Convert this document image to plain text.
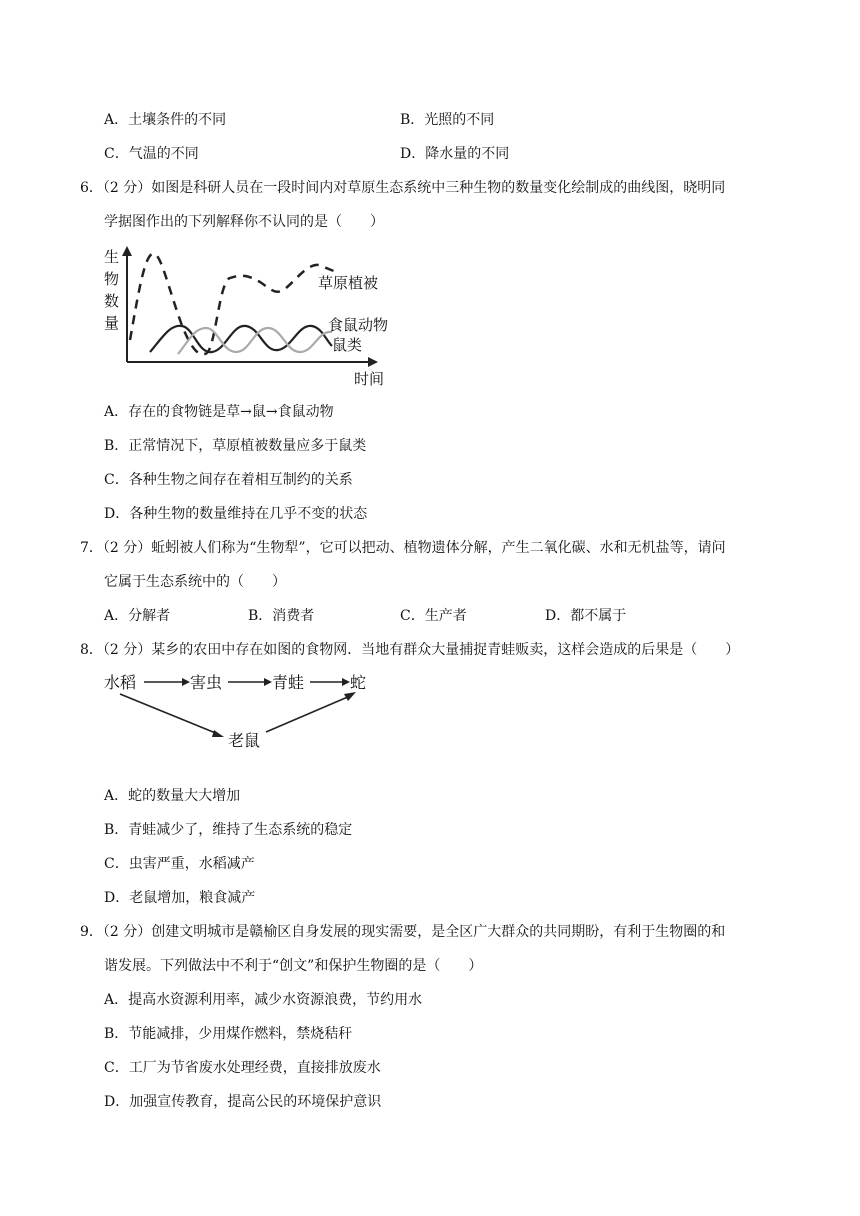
A．土壤条件的不同	B．光照的不同
C．气温的不同	D．降水量的不同
6．（2 分）如图是科研人员在一段时间内对草原生态系统中三种生物的数量变化绘制成的曲线图，晓明同
学据图作出的下列解释你不认同的是（　　）
生
物
数
量
时间
草原植被
食鼠动物
鼠类
A．存在的食物链是草→鼠→食鼠动物
B．正常情况下，草原植被数量应多于鼠类
C．各种生物之间存在着相互制约的关系
D．各种生物的数量维持在几乎不变的状态
7．（2 分）蚯蚓被人们称为“生物犁”，它可以把动、植物遗体分解，产生二氧化碳、水和无机盐等，请问
它属于生态系统中的（　　）
A．分解者	B．消费者	C．生产者	D．都不属于
8．（2 分）某乡的农田中存在如图的食物网．当地有群众大量捕捉青蛙贩卖，这样会造成的后果是（　　）
水稻	害虫	青蛙	蛇
老鼠
A．蛇的数量大大增加
B．青蛙减少了，维持了生态系统的稳定
C．虫害严重，水稻减产
D．老鼠增加，粮食减产
9．（2 分）创建文明城市是赣榆区自身发展的现实需要，是全区广大群众的共同期盼，有利于生物圈的和
谐发展。下列做法中不利于“创文”和保护生物圈的是（　　）
A．提高水资源利用率，减少水资源浪费，节约用水
B．节能减排，少用煤作燃料，禁烧秸秆
C．工厂为节省废水处理经费，直接排放废水
D．加强宣传教育，提高公民的环境保护意识
